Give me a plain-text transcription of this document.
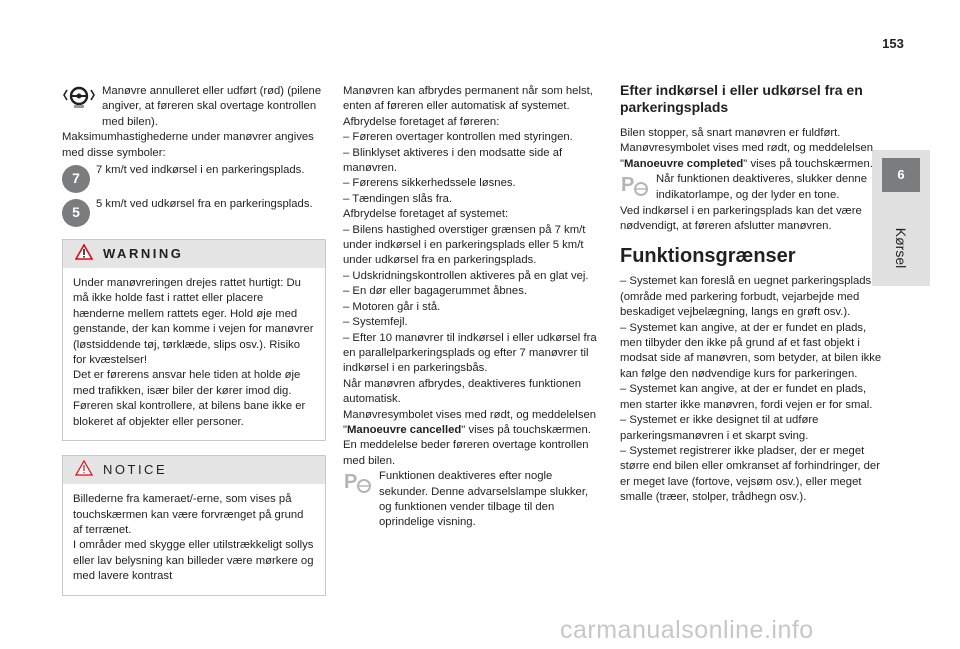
153
6
Kørsel

Manøvre annulleret eller udført (rød) (pilene angiver, at føreren skal overtage kontrollen med bilen).

Maksimumhastighederne under manøvrer angives med disse symboler:

7

7 km/t ved indkørsel i en parkeringsplads.

5

5 km/t ved udkørsel fra en parkeringsplads.

WARNING

Under manøvreringen drejes rattet hurtigt: Du må ikke holde fast i rattet eller placere hænderne mellem rattets eger. Hold øje med genstande, der kan komme i vejen for manøvrer (løstsiddende tøj, tørklæde, slips osv.). Risiko for kvæstelser!

Det er førerens ansvar hele tiden at holde øje med trafikken, især biler der kører imod dig. Føreren skal kontrollere, at bilens bane ikke er blokeret af objekter eller personer.

NOTICE

Billederne fra kameraet/-erne, som vises på touchskærmen kan være forvrænget på grund af terrænet.

I områder med skygge eller utilstrækkeligt sollys eller lav belysning kan billeder være mørkere og med lavere kontrast

Manøvren kan afbrydes permanent når som helst, enten af føreren eller automatisk af systemet.

Afbrydelse foretaget af føreren:

– Føreren overtager kontrollen med styringen.

– Blinklyset aktiveres i den modsatte side af manøvren.

– Førerens sikkerhedssele løsnes.

– Tændingen slås fra.

Afbrydelse foretaget af systemet:

– Bilens hastighed overstiger grænsen på 7 km/t under indkørsel i en parkeringsplads eller 5 km/t under udkørsel fra en parkeringsplads.

– Udskridningskontrollen aktiveres på en glat vej.

– En dør eller bagagerummet åbnes.

– Motoren går i stå.

– Systemfejl.

– Efter 10 manøvrer til indkørsel i eller udkørsel fra en parallelparkeringsplads og efter 7 manøvrer til indkørsel i en parkeringsbås.

Når manøvren afbrydes, deaktiveres funktionen automatisk.

Manøvresymbolet vises med rødt, og meddelelsen "Manoeuvre cancelled" vises på touchskærmen.

En meddelelse beder føreren overtage kontrollen med bilen.

P Funktionen deaktiveres efter nogle sekunder. Denne advarselslampe slukker, og funktionen vender tilbage til den oprindelige visning.

Efter indkørsel i eller udkørsel fra en parkeringsplads

Bilen stopper, så snart manøvren er fuldført.

Manøvresymbolet vises med rødt, og meddelelsen "Manoeuvre completed" vises på touchskærmen.

P Når funktionen deaktiveres, slukker denne indikatorlampe, og der lyder en tone.

Ved indkørsel i en parkeringsplads kan det være nødvendigt, at føreren afslutter manøvren.

Funktionsgrænser

– Systemet kan foreslå en uegnet parkeringsplads (område med parkering forbudt, vejarbejde med beskadiget vejbelægning, langs en grøft osv.).

– Systemet kan angive, at der er fundet en plads, men tilbyder den ikke på grund af et fast objekt i modsat side af manøvren, som betyder, at bilen ikke kan følge den nødvendige kurs for parkeringen.

– Systemet kan angive, at der er fundet en plads, men starter ikke manøvren, fordi vejen er for smal.

– Systemet er ikke designet til at udføre parkeringsmanøvren i et skarpt sving.

– Systemet registrerer ikke pladser, der er meget større end bilen eller omkranset af forhindringer, der er meget lave (fortove, vejsøm osv.), eller meget smalle (træer, stolper, trådhegn osv.).

carmanualsonline.info
